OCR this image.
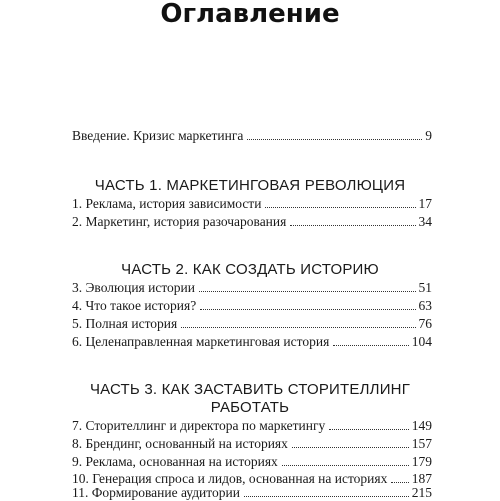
Оглавление
Введение. Кризис маркетинга	9
ЧАСТЬ 1. МАРКЕТИНГОВАЯ РЕВОЛЮЦИЯ
1. Реклама, история зависимости	17
2. Маркетинг, история разочарования	34
ЧАСТЬ 2. КАК СОЗДАТЬ ИСТОРИЮ
3. Эволюция истории	51
4. Что такое история?	63
5. Полная история	76
6. Целенаправленная маркетинговая история	104
ЧАСТЬ 3. КАК ЗАСТАВИТЬ СТОРИТЕЛЛИНГ
РАБОТАТЬ
7. Сторителлинг и директора по маркетингу	149
8. Брендинг, основанный на историях	157
9. Реклама, основанная на историях	179
10. Генерация спроса и лидов, основанная на историях 187
11. Формирование аудитории	215
